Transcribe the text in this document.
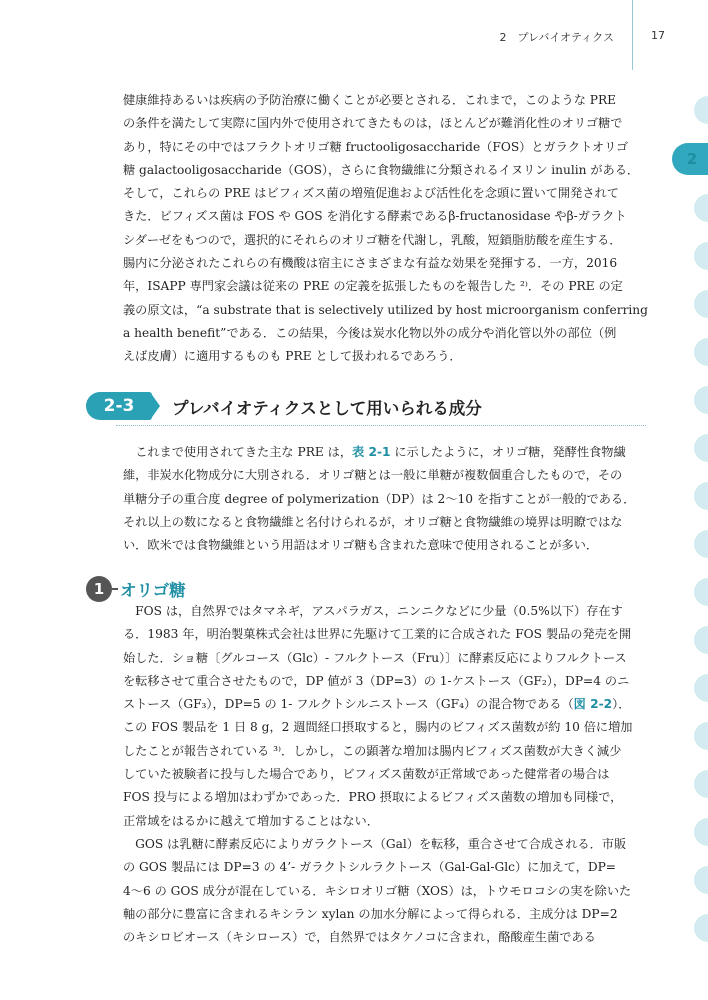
2　プレバイオティクス	17
2
健康維持あるいは疾病の予防治療に働くことが必要とされる．これまで，このような PRE
の条件を満たして実際に国内外で使用されてきたものは，ほとんどが難消化性のオリゴ糖で
あり，特にその中ではフラクトオリゴ糖 fructooligosaccharide（FOS）とガラクトオリゴ
糖 galactooligosaccharide（GOS），さらに食物繊維に分類されるイヌリン inulin がある．
そして，これらの PRE はビフィズス菌の増殖促進および活性化を念頭に置いて開発されて
きた．ビフィズス菌は FOS や GOS を消化する酵素であるβ-fructanosidase やβ-ガラクト
シダーゼをもつので，選択的にそれらのオリゴ糖を代謝し，乳酸，短鎖脂肪酸を産生する．
腸内に分泌されたこれらの有機酸は宿主にさまざまな有益な効果を発揮する．一方，2016
年，ISAPP 専門家会議は従来の PRE の定義を拡張したものを報告した ²⁾．その PRE の定
義の原文は，“a substrate that is selectively utilized by host microorganism conferring
a health benefit”である．この結果，今後は炭水化物以外の成分や消化管以外の部位（例
えば皮膚）に適用するものも PRE として扱われるであろう．
2-3	プレバイオティクスとして用いられる成分
　これまで使用されてきた主な PRE は，表 2-1 に示したように，オリゴ糖，発酵性食物繊
維，非炭水化物成分に大別される．オリゴ糖とは一般に単糖が複数個重合したもので，その
単糖分子の重合度 degree of polymerization（DP）は 2〜10 を指すことが一般的である．
それ以上の数になると食物繊維と名付けられるが，オリゴ糖と食物繊維の境界は明瞭ではな
い．欧米では食物繊維という用語はオリゴ糖も含まれた意味で使用されることが多い．
1 オリゴ糖
　FOS は，自然界ではタマネギ，アスパラガス，ニンニクなどに少量（0.5%以下）存在す
る．1983 年，明治製菓株式会社は世界に先駆けて工業的に合成された FOS 製品の発売を開
始した．ショ糖〔グルコース（Glc）- フルクトース（Fru）〕に酵素反応によりフルクトース
を転移させて重合させたもので，DP 値が 3（DP=3）の 1-ケストース（GF₂），DP=4 のニ
ストース（GF₃），DP=5 の 1- フルクトシルニストース（GF₄）の混合物である（図 2-2）．
この FOS 製品を 1 日 8 g，2 週間経口摂取すると，腸内のビフィズス菌数が約 10 倍に増加
したことが報告されている ³⁾．しかし，この顕著な増加は腸内ビフィズス菌数が大きく減少
していた被験者に投与した場合であり，ビフィズス菌数が正常域であった健常者の場合は
FOS 投与による増加はわずかであった．PRO 摂取によるビフィズス菌数の増加も同様で，
正常域をはるかに越えて増加することはない．
　GOS は乳糖に酵素反応によりガラクトース（Gal）を転移，重合させて合成される．市販
の GOS 製品には DP=3 の 4’- ガラクトシルラクトース（Gal-Gal-Glc）に加えて，DP=
4〜6 の GOS 成分が混在している．キシロオリゴ糖（XOS）は，トウモロコシの実を除いた
軸の部分に豊富に含まれるキシラン xylan の加水分解によって得られる．主成分は DP=2
のキシロビオース（キシロース）で，自然界ではタケノコに含まれ，酪酸産生菌である
